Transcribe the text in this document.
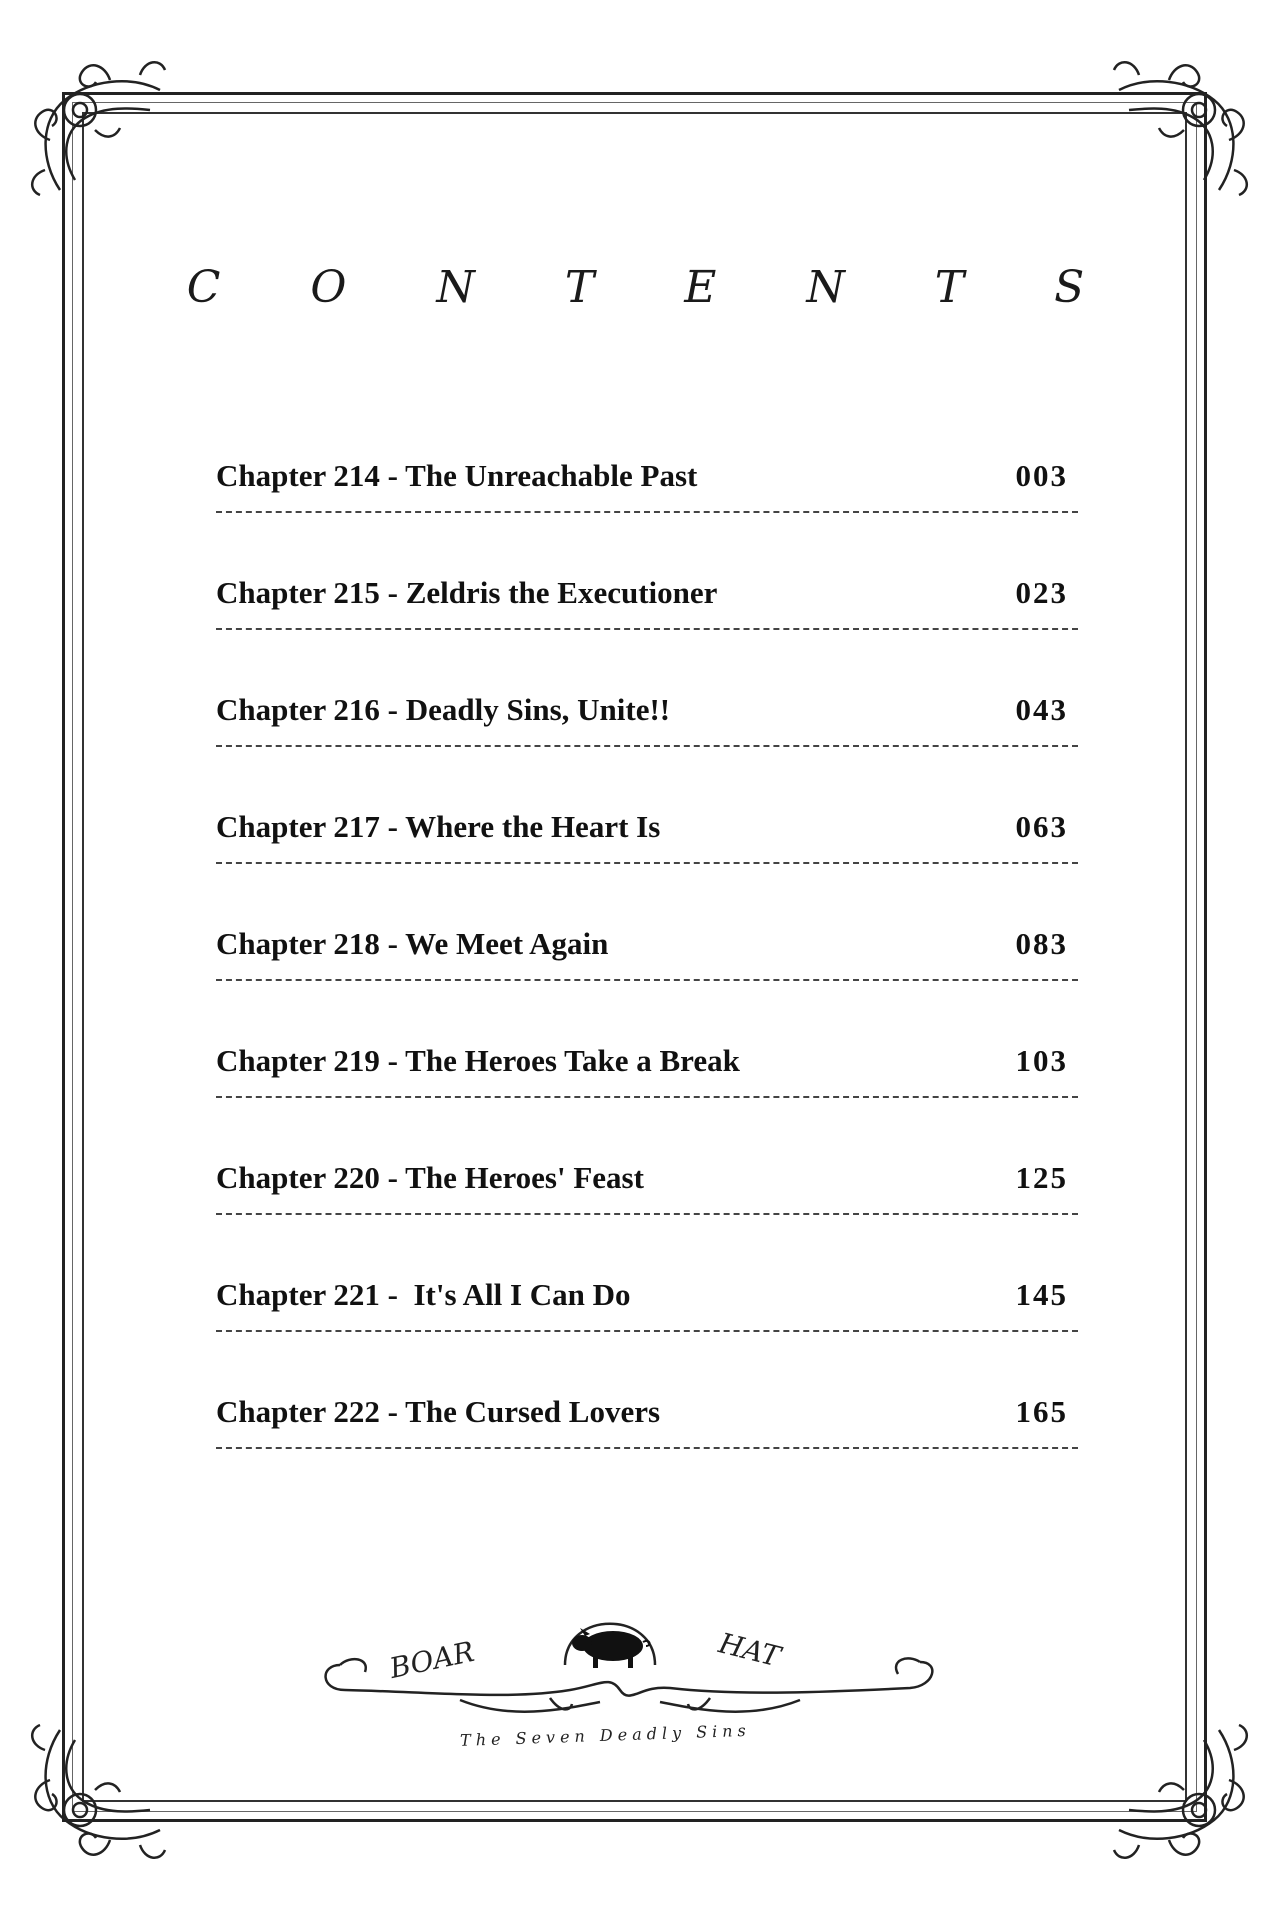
C O N T E N T S
Chapter 214 - The Unreachable Past	003
Chapter 215 - Zeldris the Executioner	023
Chapter 216 - Deadly Sins, Unite!!	043
Chapter 217 - Where the Heart Is	063
Chapter 218 - We Meet Again	083
Chapter 219 - The Heroes Take a Break	103
Chapter 220 - The Heroes' Feast	125
Chapter 221 -  It's All I Can Do	145
Chapter 222 - The Cursed Lovers	165
BOAR	HAT
The Seven Deadly Sins
